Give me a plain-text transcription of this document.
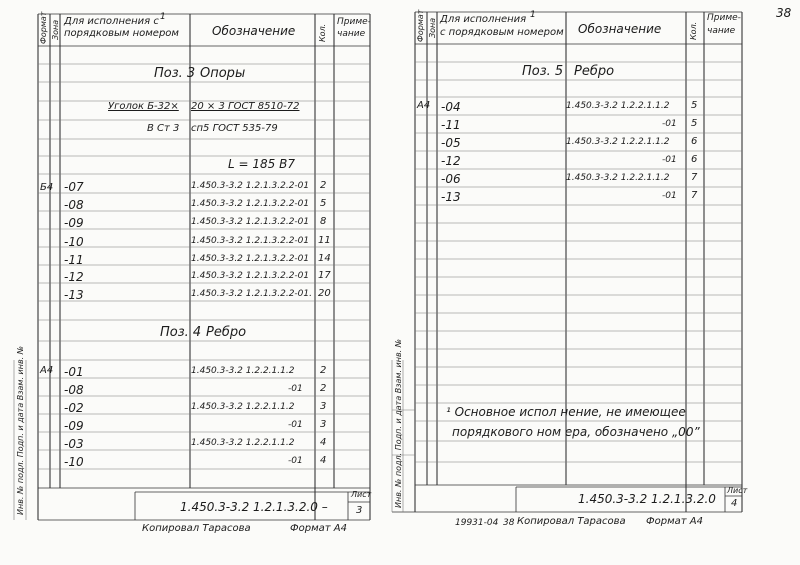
38
Формат Зона Для исполнения с 1
порядковым номером	Обозначение	Кол.
Приме-
чание
Поз. 3 Опоры
Уголок Б-32× 20 × 3 ГОСТ 8510-72
В Ст 3 сп5 ГОСТ 535-79
L = 185 В7
Б4 -07	1.450.3-3.2 1.2.1.3.2.2-01 2
-08	1.450.3-3.2 1.2.1.3.2.2-01 5
-09	1.450.3-3.2 1.2.1.3.2.2-01 8
-10	1.450.3-3.2 1.2.1.3.2.2-01 11
-11	1.450.3-3.2 1.2.1.3.2.2-01 14
-12	1.450.3-3.2 1.2.1.3.2.2-01 17
-13	1.450.3-3.2 1.2.1.3.2.2-01. 20
Поз. 4 Ребро
А4 -01	1.450.3-3.2 1.2.2.1.1.2	2
-08	-01 2
-02	1.450.3-3.2 1.2.2.1.1.2	3
-09	-01 3
-03	1.450.3-3.2 1.2.2.1.1.2	4
-10	-01 4
1.450.3-3.2 1.2.1.3.2.0 –
Лист
3
Копировал Тарасова	Формат А4
Инв. № подл. Подп. и дата Взам. инв. №
Формат Зона Для исполнения 1
с порядковым номером Обозначение	Кол.
Приме-
чание
Поз. 5 Ребро
А4 -04	1.450.3-3.2 1.2.2.1.1.2 5
-11	-01 5
-05	1.450.3-3.2 1.2.2.1.1.2 6
-12	-01 6
-06	1.450.3-3.2 1.2.2.1.1.2 7
-13	-01 7
¹ Основное испол нение, не имеющее
порядкового ном ера, обозначено „00”
Инв. № подл. Подп. и дата Взам. инв. №	1.450.3-3.2 1.2.1.3.2.0
Лист
4
19931-04 38 Копировал Тарасова Формат А4
